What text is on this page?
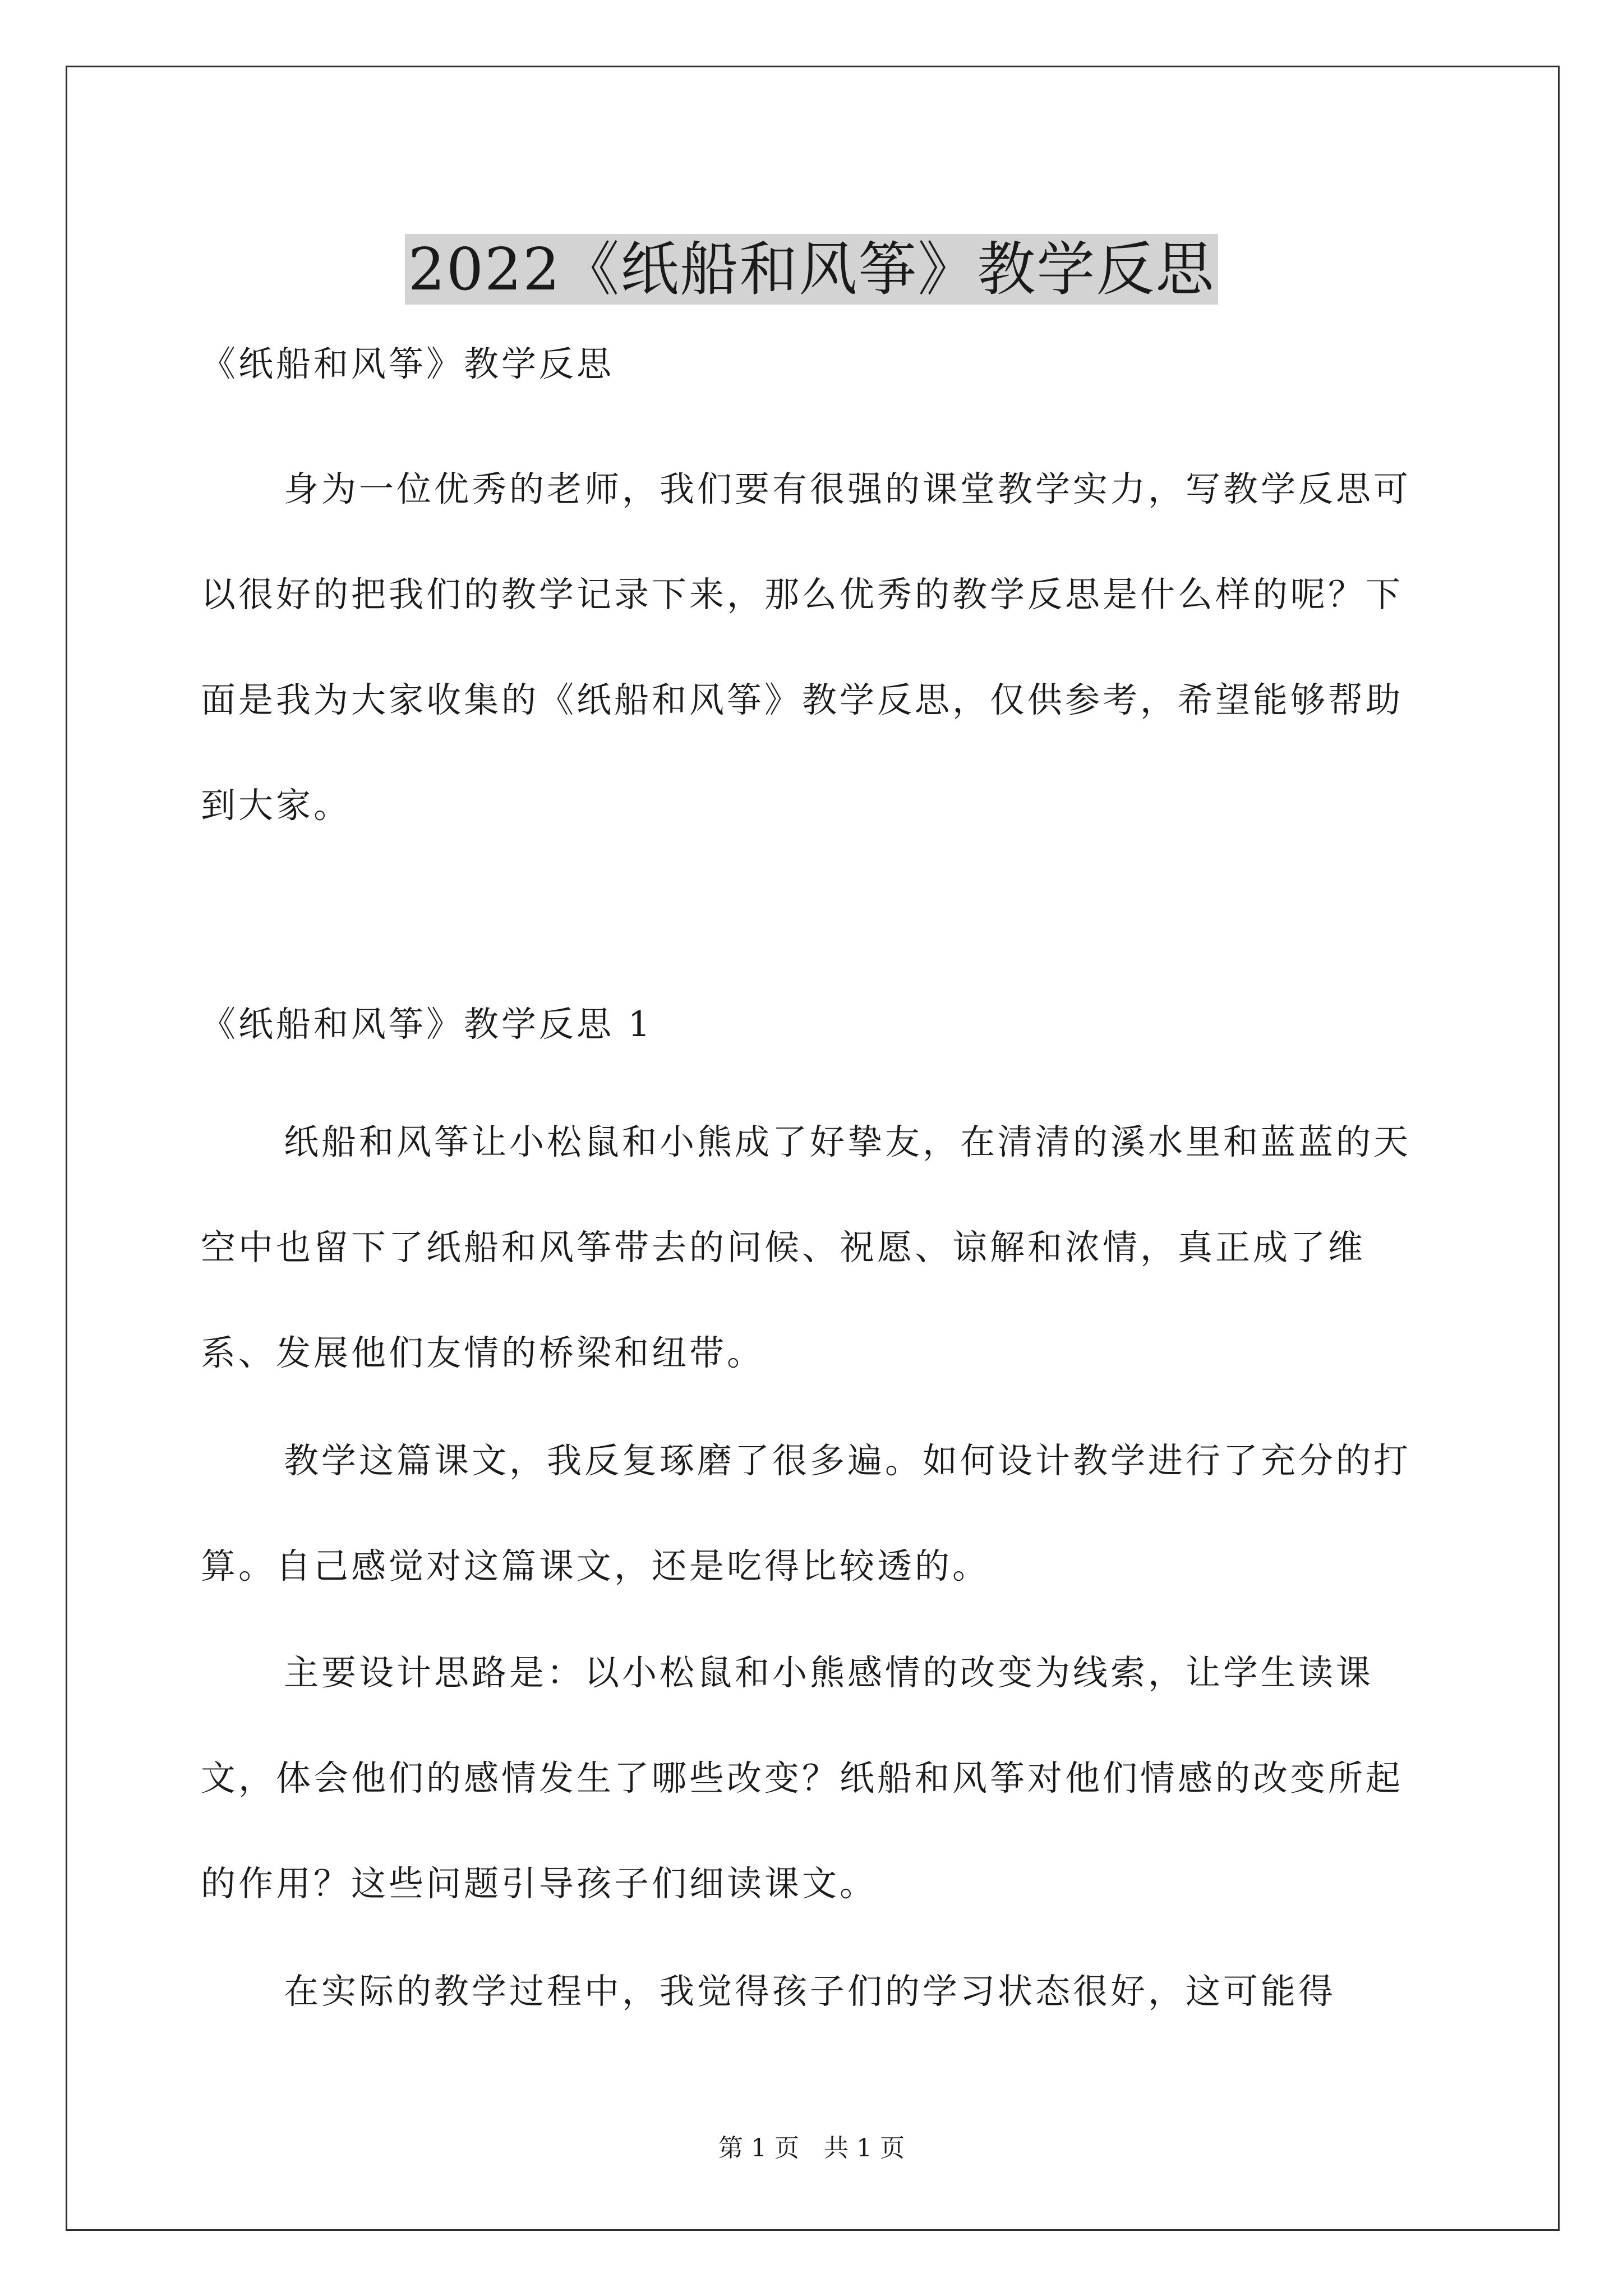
2022《纸船和风筝》教学反思
《纸船和风筝》教学反思
身为一位优秀的老师，我们要有很强的课堂教学实力，写教学反思可以很好的把我们的教学记录下来，那么优秀的教学反思是什么样的呢？下面是我为大家收集的《纸船和风筝》教学反思，仅供参考，希望能够帮助到大家。
《纸船和风筝》教学反思 1
纸船和风筝让小松鼠和小熊成了好挚友，在清清的溪水里和蓝蓝的天空中也留下了纸船和风筝带去的问候、祝愿、谅解和浓情，真正成了维系、发展他们友情的桥梁和纽带。
教学这篇课文，我反复琢磨了很多遍。如何设计教学进行了充分的打算。自己感觉对这篇课文，还是吃得比较透的。
主要设计思路是：以小松鼠和小熊感情的改变为线索，让学生读课文，体会他们的感情发生了哪些改变？纸船和风筝对他们情感的改变所起的作用？这些问题引导孩子们细读课文。
在实际的教学过程中，我觉得孩子们的学习状态很好，这可能得
第 1 页　共 1 页
